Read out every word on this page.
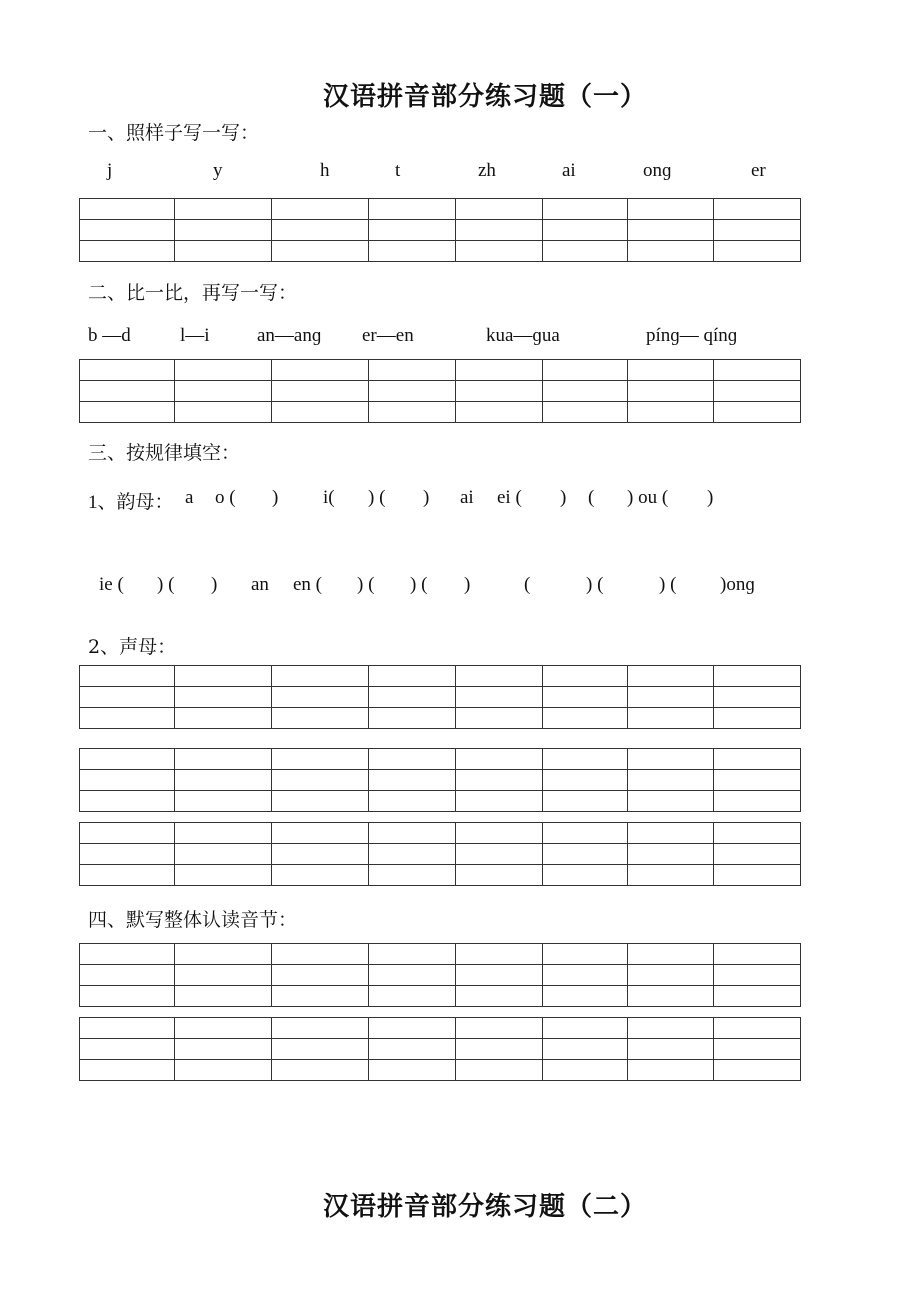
汉语拼音部分练习题（一）
一、照样子写一写：
j	y	h	t	zh	ai	onɡ	er

二、比一比，再写一写：
b —d	l—i an—anɡ er—en	kua—ɡua	pínɡ— qínɡ

三、按规律填空：
1、韵母： a o ( ) i( ) ( ) ai ei ( ) ( ) ou ( )
ie ( ) ( ) an en ( ) ( ) ( )	(	) (	) ( )onɡ
2、声母：

四、默写整体认读音节：

汉语拼音部分练习题（二）
